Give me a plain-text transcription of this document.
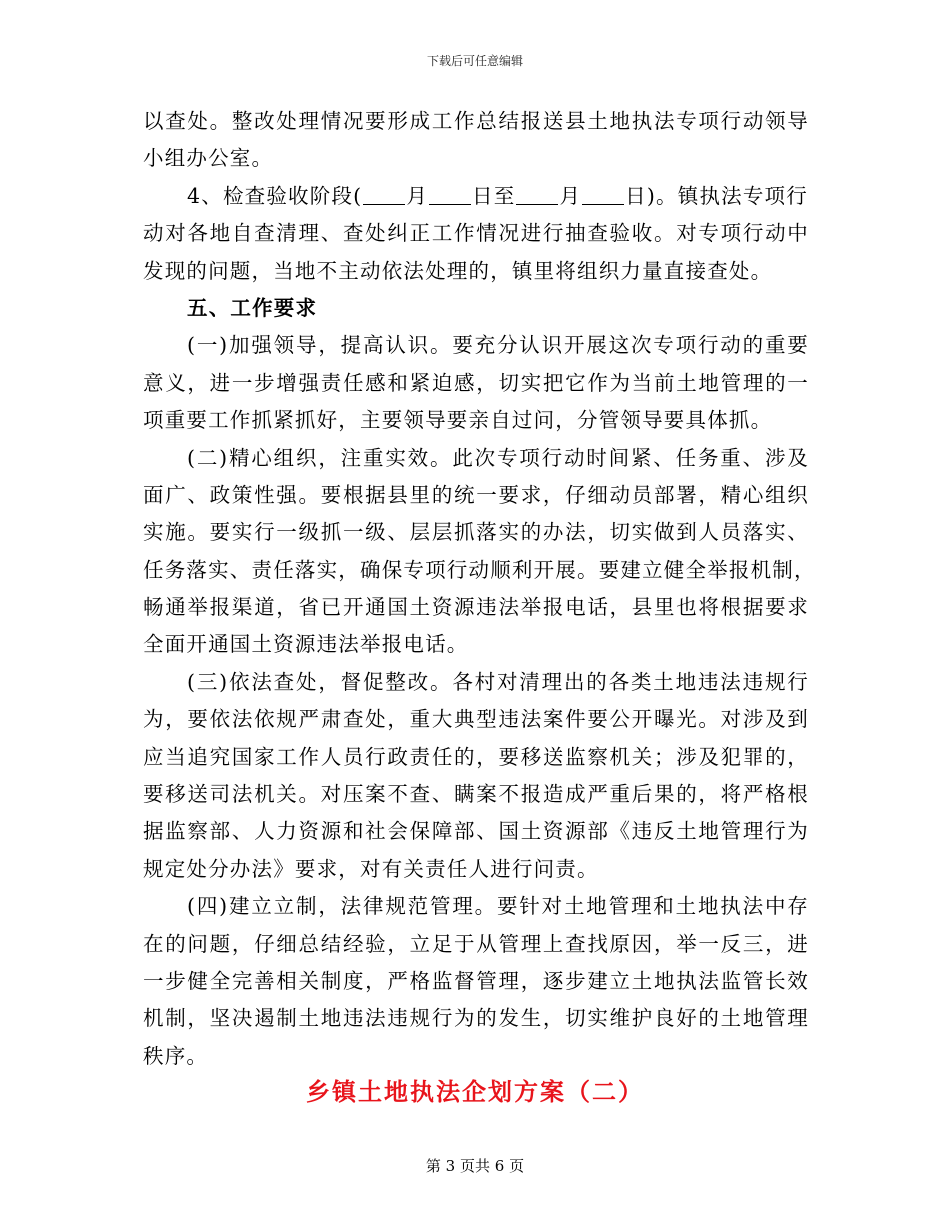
下载后可任意编辑
以查处。整改处理情况要形成工作总结报送县土地执法专项行动领导
小组办公室。
4、检查验收阶段( 月 日至 月 日)。镇执法专项行
动对各地自查清理、查处纠正工作情况进行抽查验收。对专项行动中
发现的问题，当地不主动依法处理的，镇里将组织力量直接查处。
五、工作要求
(一)加强领导，提高认识。要充分认识开展这次专项行动的重要
意义，进一步增强责任感和紧迫感，切实把它作为当前土地管理的一
项重要工作抓紧抓好，主要领导要亲自过问，分管领导要具体抓。
(二)精心组织，注重实效。此次专项行动时间紧、任务重、涉及
面广、政策性强。要根据县里的统一要求，仔细动员部署，精心组织
实施。要实行一级抓一级、层层抓落实的办法，切实做到人员落实、
任务落实、责任落实，确保专项行动顺利开展。要建立健全举报机制，
畅通举报渠道，省已开通国土资源违法举报电话，县里也将根据要求
全面开通国土资源违法举报电话。
(三)依法查处，督促整改。各村对清理出的各类土地违法违规行
为，要依法依规严肃查处，重大典型违法案件要公开曝光。对涉及到
应当追究国家工作人员行政责任的，要移送监察机关；涉及犯罪的，
要移送司法机关。对压案不查、瞒案不报造成严重后果的，将严格根
据监察部、人力资源和社会保障部、国土资源部《违反土地管理行为
规定处分办法》要求，对有关责任人进行问责。
(四)建立立制，法律规范管理。要针对土地管理和土地执法中存
在的问题，仔细总结经验，立足于从管理上查找原因，举一反三，进
一步健全完善相关制度，严格监督管理，逐步建立土地执法监管长效
机制，坚决遏制土地违法违规行为的发生，切实维护良好的土地管理
秩序。
乡镇土地执法企划方案（二）
第 3 页共 6 页
